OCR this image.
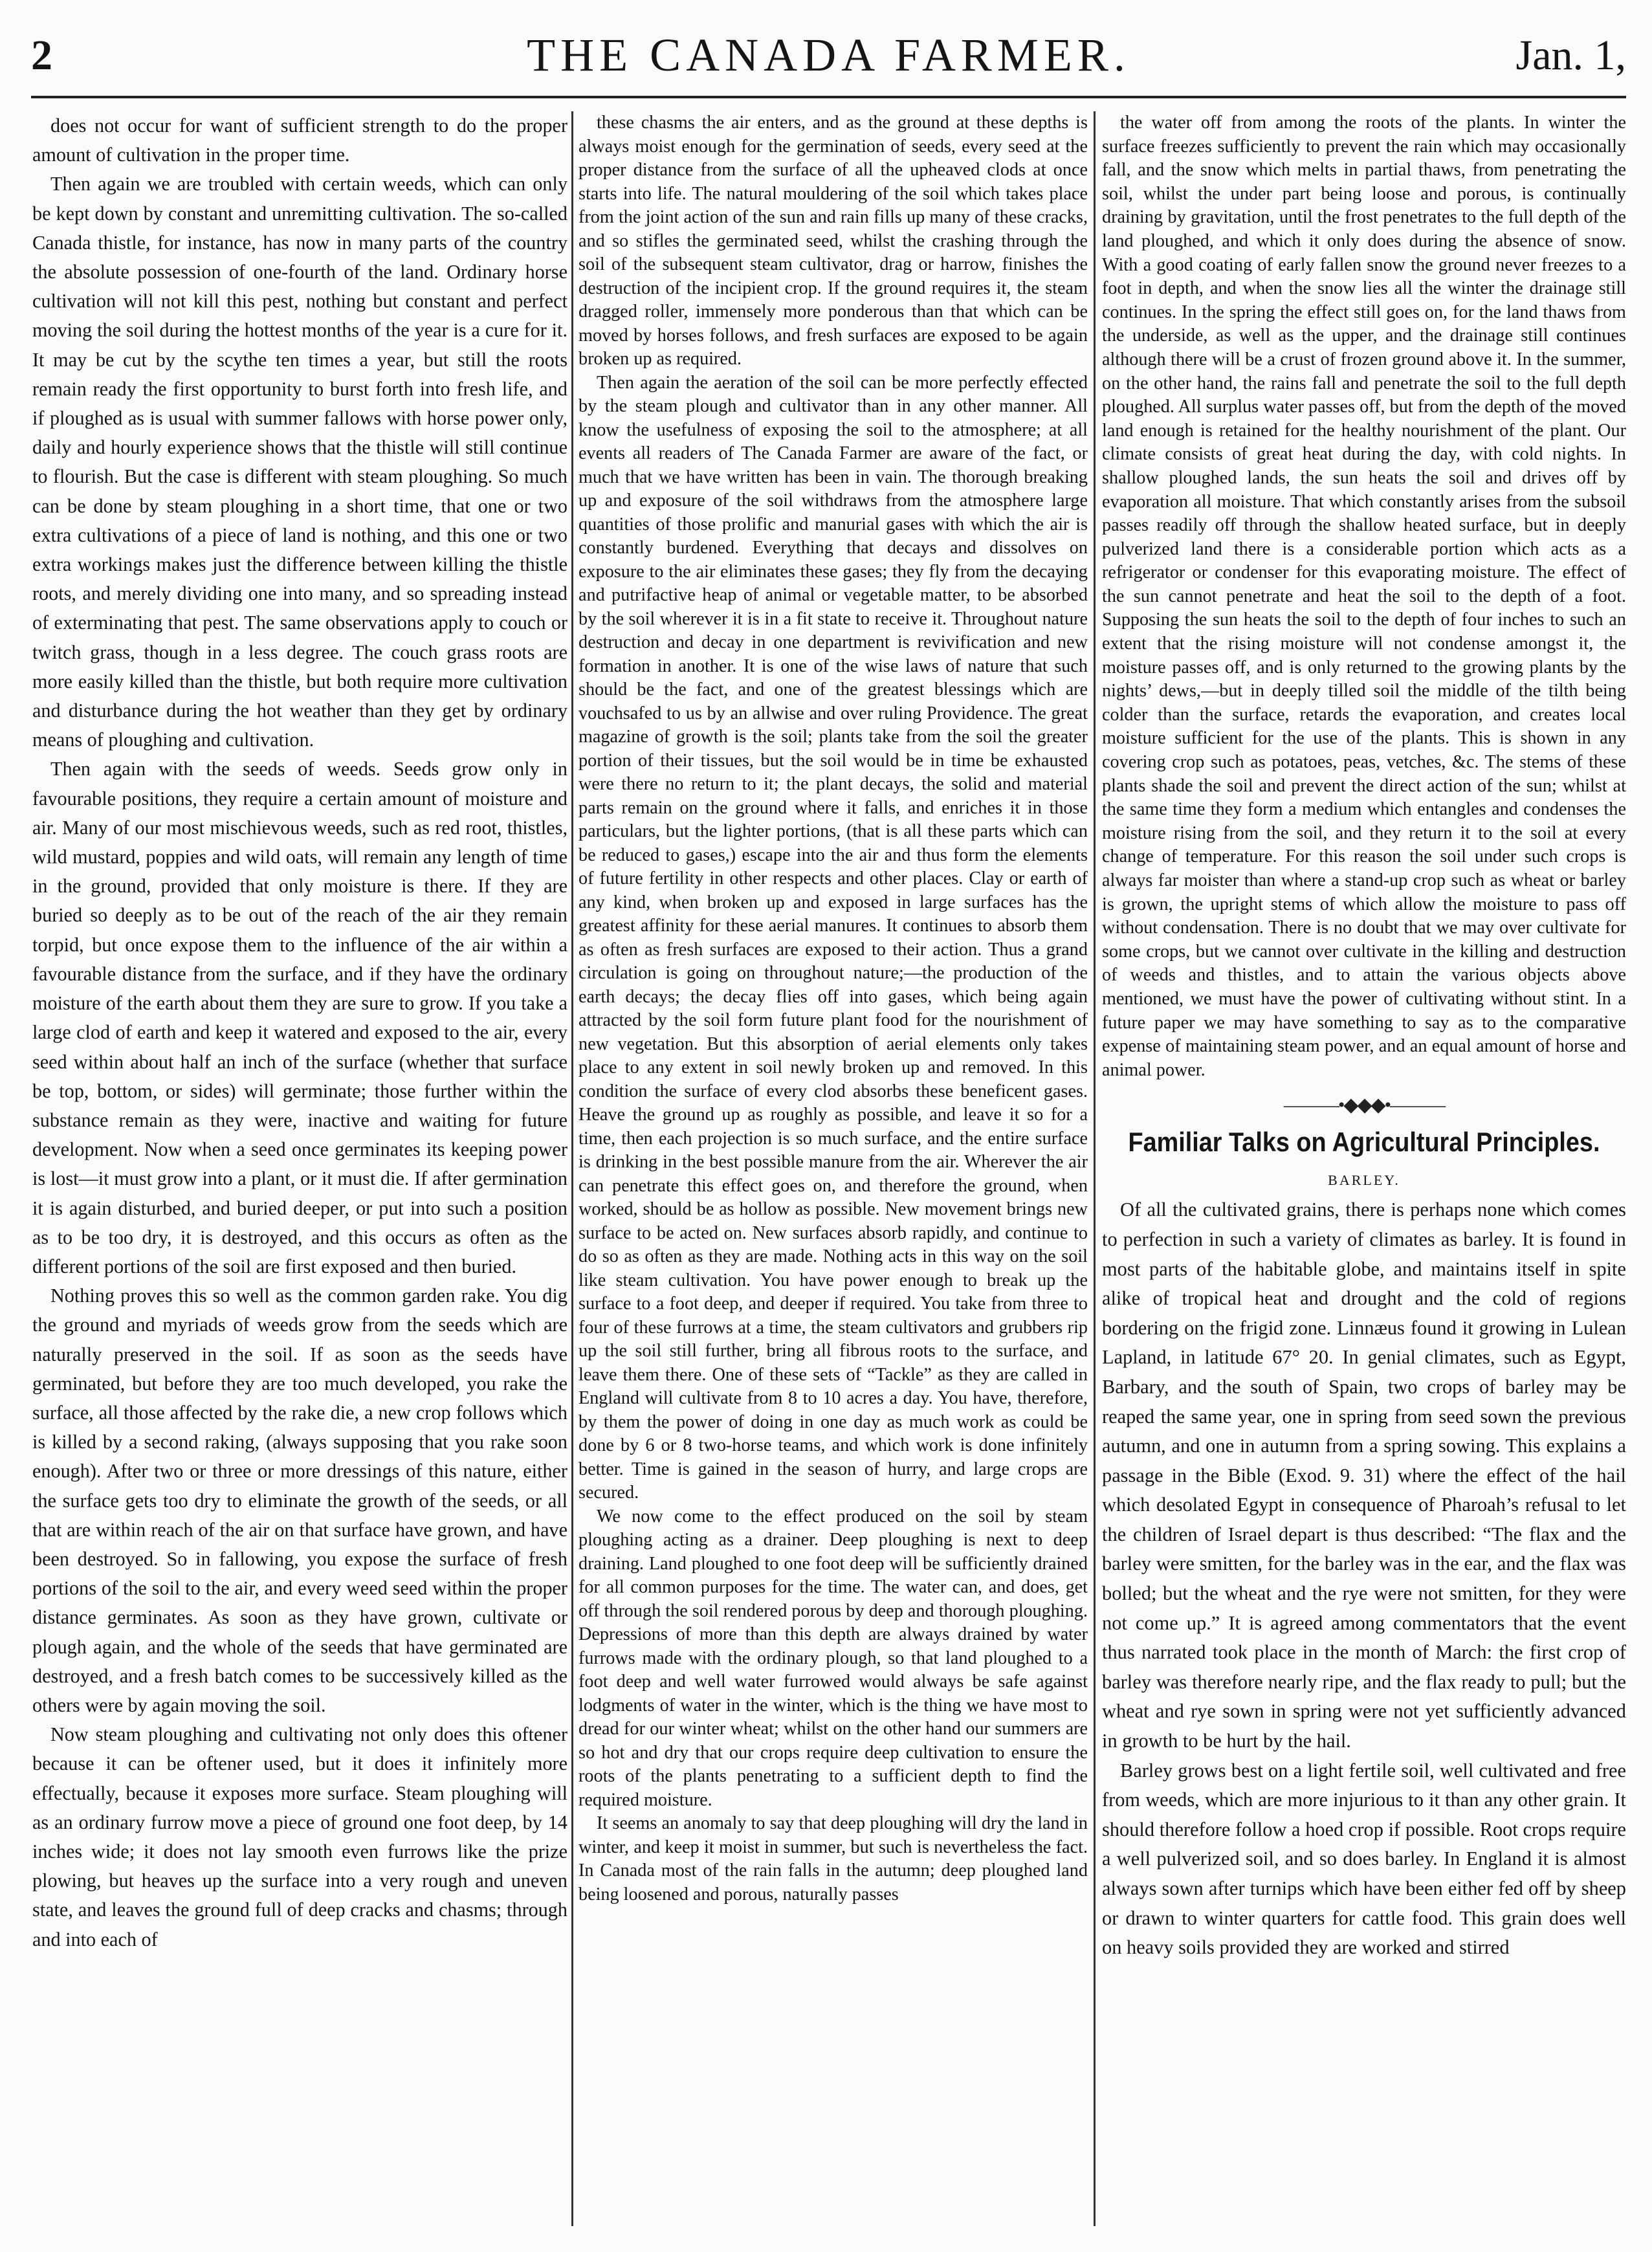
2	THE CANADA FARMER.	Jan. 1,

does not occur for want of sufficient strength to do the proper amount of cultivation in the proper time.

Then again we are troubled with certain weeds, which can only be kept down by constant and unremitting cultivation. The so-called Canada thistle, for instance, has now in many parts of the country the absolute possession of one-fourth of the land. Ordinary horse cultivation will not kill this pest, nothing but constant and perfect moving the soil during the hottest months of the year is a cure for it. It may be cut by the scythe ten times a year, but still the roots remain ready the first opportunity to burst forth into fresh life, and if ploughed as is usual with summer fallows with horse power only, daily and hourly experience shows that the thistle will still continue to flourish. But the case is different with steam ploughing. So much can be done by steam ploughing in a short time, that one or two extra cultivations of a piece of land is nothing, and this one or two extra workings makes just the difference between killing the thistle roots, and merely dividing one into many, and so spreading instead of exterminating that pest. The same observations apply to couch or twitch grass, though in a less degree. The couch grass roots are more easily killed than the thistle, but both require more cultivation and disturbance during the hot weather than they get by ordinary means of ploughing and cultivation.

Then again with the seeds of weeds. Seeds grow only in favourable positions, they require a certain amount of moisture and air. Many of our most mischievous weeds, such as red root, thistles, wild mustard, poppies and wild oats, will remain any length of time in the ground, provided that only moisture is there. If they are buried so deeply as to be out of the reach of the air they remain torpid, but once expose them to the influence of the air within a favourable distance from the surface, and if they have the ordinary moisture of the earth about them they are sure to grow. If you take a large clod of earth and keep it watered and exposed to the air, every seed within about half an inch of the surface (whether that surface be top, bottom, or sides) will germinate; those further within the substance remain as they were, inactive and waiting for future development. Now when a seed once germinates its keeping power is lost—it must grow into a plant, or it must die. If after germination it is again disturbed, and buried deeper, or put into such a position as to be too dry, it is destroyed, and this occurs as often as the different portions of the soil are first exposed and then buried.

Nothing proves this so well as the common garden rake. You dig the ground and myriads of weeds grow from the seeds which are naturally preserved in the soil. If as soon as the seeds have germinated, but before they are too much developed, you rake the surface, all those affected by the rake die, a new crop follows which is killed by a second raking, (always supposing that you rake soon enough). After two or three or more dressings of this nature, either the surface gets too dry to eliminate the growth of the seeds, or all that are within reach of the air on that surface have grown, and have been destroyed. So in fallowing, you expose the surface of fresh portions of the soil to the air, and every weed seed within the proper distance germinates. As soon as they have grown, cultivate or plough again, and the whole of the seeds that have germinated are destroyed, and a fresh batch comes to be successively killed as the others were by again moving the soil.

Now steam ploughing and cultivating not only does this oftener because it can be oftener used, but it does it infinitely more effectually, because it exposes more surface. Steam ploughing will as an ordinary furrow move a piece of ground one foot deep, by 14 inches wide; it does not lay smooth even furrows like the prize plowing, but heaves up the surface into a very rough and uneven state, and leaves the ground full of deep cracks and chasms; through and into each of

these chasms the air enters, and as the ground at these depths is always moist enough for the germination of seeds, every seed at the proper distance from the surface of all the upheaved clods at once starts into life. The natural mouldering of the soil which takes place from the joint action of the sun and rain fills up many of these cracks, and so stifles the germinated seed, whilst the crashing through the soil of the subsequent steam cultivator, drag or harrow, finishes the destruction of the incipient crop. If the ground requires it, the steam dragged roller, immensely more ponderous than that which can be moved by horses follows, and fresh surfaces are exposed to be again broken up as required.

Then again the aeration of the soil can be more perfectly effected by the steam plough and cultivator than in any other manner. All know the usefulness of exposing the soil to the atmosphere; at all events all readers of The Canada Farmer are aware of the fact, or much that we have written has been in vain. The thorough breaking up and exposure of the soil withdraws from the atmosphere large quantities of those prolific and manurial gases with which the air is constantly burdened. Everything that decays and dissolves on exposure to the air eliminates these gases; they fly from the decaying and putrifactive heap of animal or vegetable matter, to be absorbed by the soil wherever it is in a fit state to receive it. Throughout nature destruction and decay in one department is revivification and new formation in another. It is one of the wise laws of nature that such should be the fact, and one of the greatest blessings which are vouchsafed to us by an allwise and over ruling Providence. The great magazine of growth is the soil; plants take from the soil the greater portion of their tissues, but the soil would be in time be exhausted were there no return to it; the plant decays, the solid and material parts remain on the ground where it falls, and enriches it in those particulars, but the lighter portions, (that is all these parts which can be reduced to gases,) escape into the air and thus form the elements of future fertility in other respects and other places. Clay or earth of any kind, when broken up and exposed in large surfaces has the greatest affinity for these aerial manures. It continues to absorb them as often as fresh surfaces are exposed to their action. Thus a grand circulation is going on throughout nature;—the production of the earth decays; the decay flies off into gases, which being again attracted by the soil form future plant food for the nourishment of new vegetation. But this absorption of aerial elements only takes place to any extent in soil newly broken up and removed. In this condition the surface of every clod absorbs these beneficent gases. Heave the ground up as roughly as possible, and leave it so for a time, then each projection is so much surface, and the entire surface is drinking in the best possible manure from the air. Wherever the air can penetrate this effect goes on, and therefore the ground, when worked, should be as hollow as possible. New movement brings new surface to be acted on. New surfaces absorb rapidly, and continue to do so as often as they are made. Nothing acts in this way on the soil like steam cultivation. You have power enough to break up the surface to a foot deep, and deeper if required. You take from three to four of these furrows at a time, the steam cultivators and grubbers rip up the soil still further, bring all fibrous roots to the surface, and leave them there. One of these sets of “Tackle” as they are called in England will cultivate from 8 to 10 acres a day. You have, therefore, by them the power of doing in one day as much work as could be done by 6 or 8 two-horse teams, and which work is done infinitely better. Time is gained in the season of hurry, and large crops are secured.

We now come to the effect produced on the soil by steam ploughing acting as a drainer. Deep ploughing is next to deep draining. Land ploughed to one foot deep will be sufficiently drained for all common purposes for the time. The water can, and does, get off through the soil rendered porous by deep and thorough ploughing. Depressions of more than this depth are always drained by water furrows made with the ordinary plough, so that land ploughed to a foot deep and well water furrowed would always be safe against lodgments of water in the winter, which is the thing we have most to dread for our winter wheat; whilst on the other hand our summers are so hot and dry that our crops require deep cultivation to ensure the roots of the plants penetrating to a sufficient depth to find the required moisture.

It seems an anomaly to say that deep ploughing will dry the land in winter, and keep it moist in summer, but such is nevertheless the fact. In Canada most of the rain falls in the autumn; deep ploughed land being loosened and porous, naturally passes

the water off from among the roots of the plants. In winter the surface freezes sufficiently to prevent the rain which may occasionally fall, and the snow which melts in partial thaws, from penetrating the soil, whilst the under part being loose and porous, is continually draining by gravitation, until the frost penetrates to the full depth of the land ploughed, and which it only does during the absence of snow. With a good coating of early fallen snow the ground never freezes to a foot in depth, and when the snow lies all the winter the drainage still continues. In the spring the effect still goes on, for the land thaws from the underside, as well as the upper, and the drainage still continues although there will be a crust of frozen ground above it. In the summer, on the other hand, the rains fall and penetrate the soil to the full depth ploughed. All surplus water passes off, but from the depth of the moved land enough is retained for the healthy nourishment of the plant. Our climate consists of great heat during the day, with cold nights. In shallow ploughed lands, the sun heats the soil and drives off by evaporation all moisture. That which constantly arises from the subsoil passes readily off through the shallow heated surface, but in deeply pulverized land there is a considerable portion which acts as a refrigerator or condenser for this evaporating moisture. The effect of the sun cannot penetrate and heat the soil to the depth of a foot. Supposing the sun heats the soil to the depth of four inches to such an extent that the rising moisture will not condense amongst it, the moisture passes off, and is only returned to the growing plants by the nights’ dews,—but in deeply tilled soil the middle of the tilth being colder than the surface, retards the evaporation, and creates local moisture sufficient for the use of the plants. This is shown in any covering crop such as potatoes, peas, vetches, &c. The stems of these plants shade the soil and prevent the direct action of the sun; whilst at the same time they form a medium which entangles and condenses the moisture rising from the soil, and they return it to the soil at every change of temperature. For this reason the soil under such crops is always far moister than where a stand-up crop such as wheat or barley is grown, the upright stems of which allow the moisture to pass off without condensation. There is no doubt that we may over cultivate for some crops, but we cannot over cultivate in the killing and destruction of weeds and thistles, and to attain the various objects above mentioned, we must have the power of cultivating without stint. In a future paper we may have something to say as to the comparative expense of maintaining steam power, and an equal amount of horse and animal power.

———•◆◆◆•———
Familiar Talks on Agricultural Principles.
BARLEY.

Of all the cultivated grains, there is perhaps none which comes to perfection in such a variety of climates as barley. It is found in most parts of the habitable globe, and maintains itself in spite alike of tropical heat and drought and the cold of regions bordering on the frigid zone. Linnæus found it growing in Lulean Lapland, in latitude 67° 20. In genial climates, such as Egypt, Barbary, and the south of Spain, two crops of barley may be reaped the same year, one in spring from seed sown the previous autumn, and one in autumn from a spring sowing. This explains a passage in the Bible (Exod. 9. 31) where the effect of the hail which desolated Egypt in consequence of Pharoah’s refusal to let the children of Israel depart is thus described: “The flax and the barley were smitten, for the barley was in the ear, and the flax was bolled; but the wheat and the rye were not smitten, for they were not come up.” It is agreed among commentators that the event thus narrated took place in the month of March: the first crop of barley was therefore nearly ripe, and the flax ready to pull; but the wheat and rye sown in spring were not yet sufficiently advanced in growth to be hurt by the hail.

Barley grows best on a light fertile soil, well cultivated and free from weeds, which are more injurious to it than any other grain. It should therefore follow a hoed crop if possible. Root crops require a well pulverized soil, and so does barley. In England it is almost always sown after turnips which have been either fed off by sheep or drawn to winter quarters for cattle food. This grain does well on heavy soils provided they are worked and stirred
